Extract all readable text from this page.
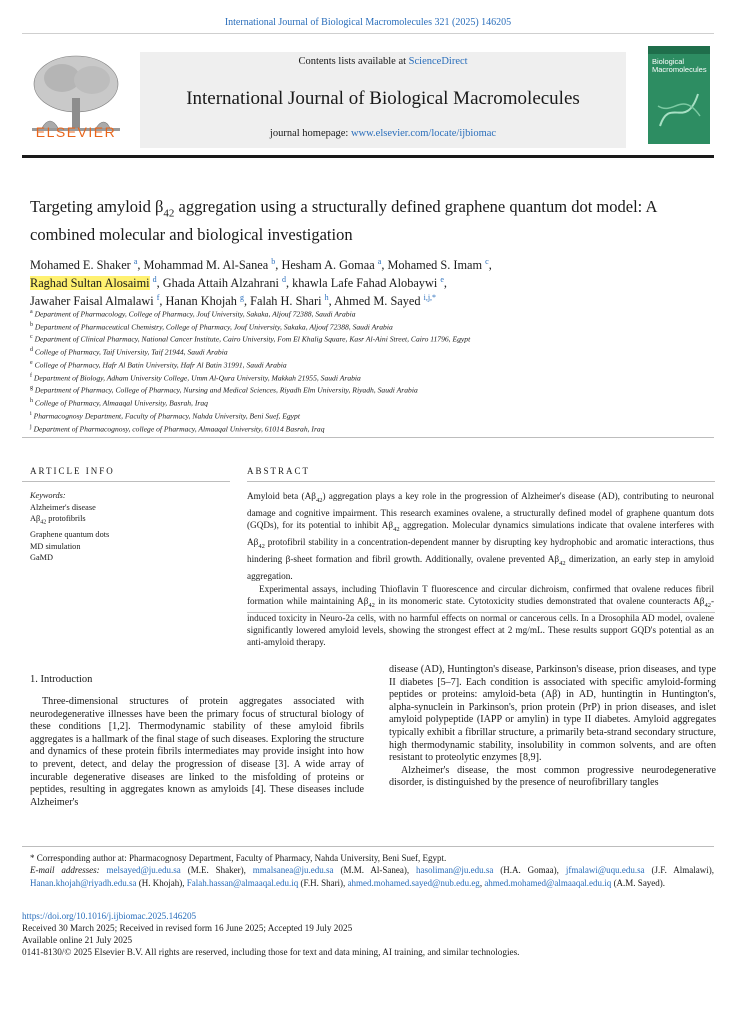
International Journal of Biological Macromolecules 321 (2025) 146205
ELSEVIER
Contents lists available at ScienceDirect
International Journal of Biological Macromolecules
journal homepage: www.elsevier.com/locate/ijbiomac
Biological Macromolecules
Targeting amyloid $\beta_{42}$ aggregation using a structurally defined graphene quantum dot model: A combined molecular and biological investigation
Mohamed E. Shaker $^a$, Mohammad M. Al-Sanea $^b$, Hesham A. Gomaa $^a$, Mohamed S. Imam $^c$,
Raghad Sultan Alosaimi $^d$, Ghada Attaih Alzahrani $^d$, khawla Lafe Fahad Alobaywi $^e$,
Jawaher Faisal Almalawi $^f$, Hanan Khojah $^g$, Falah H. Shari $^h$, Ahmed M. Sayed $^{i,j,*}$
$^a$ Department of Pharmacology, College of Pharmacy, Jouf University, Sakaka, Aljouf 72388, Saudi Arabia
$^b$ Department of Pharmaceutical Chemistry, College of Pharmacy, Jouf University, Sakaka, Aljouf 72388, Saudi Arabia
$^c$ Department of Clinical Pharmacy, National Cancer Institute, Cairo University, Fom El Khalig Square, Kasr Al-Aini Street, Cairo 11796, Egypt
$^d$ College of Pharmacy, Taif University, Taif 21944, Saudi Arabia
$^e$ College of Pharmacy, Hafr Al Batin University, Hafr Al Batin 31991, Saudi Arabia
$^f$ Department of Biology, Adham University College, Umm Al-Qura University, Makkah 21955, Saudi Arabia
$^g$ Department of Pharmacy, College of Pharmacy, Nursing and Medical Sciences, Riyadh Elm University, Riyadh, Saudi Arabia
$^h$ College of Pharmacy, Almaaqal University, Basrah, Iraq
$^i$ Pharmacognosy Department, Faculty of Pharmacy, Nahda University, Beni Suef, Egypt
$^j$ Department of Pharmacognosy, college of Pharmacy, Almaaqal University, 61014 Basrah, Iraq
ARTICLE INFO
Keywords:
Alzheimer's disease
$A\beta_{42}$ protofibrils
Graphene quantum dots
MD simulation
GaMD
ABSTRACT

Amyloid beta $(A\beta_{42})$ aggregation plays a key role in the progression of Alzheimer's disease (AD), contributing to neuronal damage and cognitive impairment. This research examines ovalene, a structurally defined model of graphene quantum dots (GQDs), for its potential to inhibit $A\beta_{42}$ aggregation. Molecular dynamics simulations indicate that ovalene interferes with $A\beta_{42}$ protofibril stability in a concentration-dependent manner by disrupting key hydrophobic and aromatic interactions, thus hindering β-sheet formation and fibril growth. Additionally, ovalene prevented $A\beta_{42}$ dimerization, an early step in amyloid aggregation.

Experimental assays, including Thioflavin T fluorescence and circular dichroism, confirmed that ovalene reduces fibril formation while maintaining $A\beta_{42}$ in its monomeric state. Cytotoxicity studies demonstrated that ovalene counteracts $A\beta_{42}$-induced toxicity in Neuro-2a cells, with no harmful effects on normal or cancerous cells. In a Drosophila AD model, ovalene significantly lowered amyloid levels, showing the strongest effect at 2 mg/mL. These results support GQD's potential as an anti-amyloid therapy.

1. Introduction

Three-dimensional structures of protein aggregates associated with neurodegenerative illnesses have been the primary focus of structural biology of these conditions [1,2]. Thermodynamic stability of these amyloid fibrils aggregates is a hallmark of the final stage of such diseases. Exploring the structure and dynamics of these protein fibrils intermediates may provide insight into how to prevent, detect, and delay the progression of disease [3]. A wide array of incurable degenerative diseases are linked to the misfolding of proteins or peptides, resulting in aggregates known as amyloids [4]. These diseases include Alzheimer's

disease (AD), Huntington's disease, Parkinson's disease, prion diseases, and type II diabetes [5–7]. Each condition is associated with specific amyloid-forming peptides or proteins: amyloid-beta (Aβ) in AD, huntingtin in Huntington's, alpha-synuclein in Parkinson's, prion protein (PrP) in prion diseases, and islet amyloid polypeptide (IAPP or amylin) in type II diabetes. Amyloid aggregates typically exhibit a fibrillar structure, a primarily beta-strand secondary structure, high thermodynamic stability, insolubility in common solvents, and are often resistant to proteolytic enzymes [8,9].

Alzheimer's disease, the most common progressive neurodegenerative disorder, is distinguished by the presence of neurofibrillary tangles

* Corresponding author at: Pharmacognosy Department, Faculty of Pharmacy, Nahda University, Beni Suef, Egypt.

E-mail addresses: melsayed@ju.edu.sa (M.E. Shaker), mmalsanea@ju.edu.sa (M.M. Al-Sanea), hasoliman@ju.edu.sa (H.A. Gomaa), jfmalawi@uqu.edu.sa (J.F. Almalawi), Hanan.khojah@riyadh.edu.sa (H. Khojah), Falah.hassan@almaaqal.edu.iq (F.H. Shari), ahmed.mohamed.sayed@nub.edu.eg, ahmed.mohamed@almaaqal.edu.iq (A.M. Sayed).

https://doi.org/10.1016/j.ijbiomac.2025.146205

Received 30 March 2025; Received in revised form 16 June 2025; Accepted 19 July 2025

Available online 21 July 2025

0141-8130/© 2025 Elsevier B.V. All rights are reserved, including those for text and data mining, AI training, and similar technologies.
